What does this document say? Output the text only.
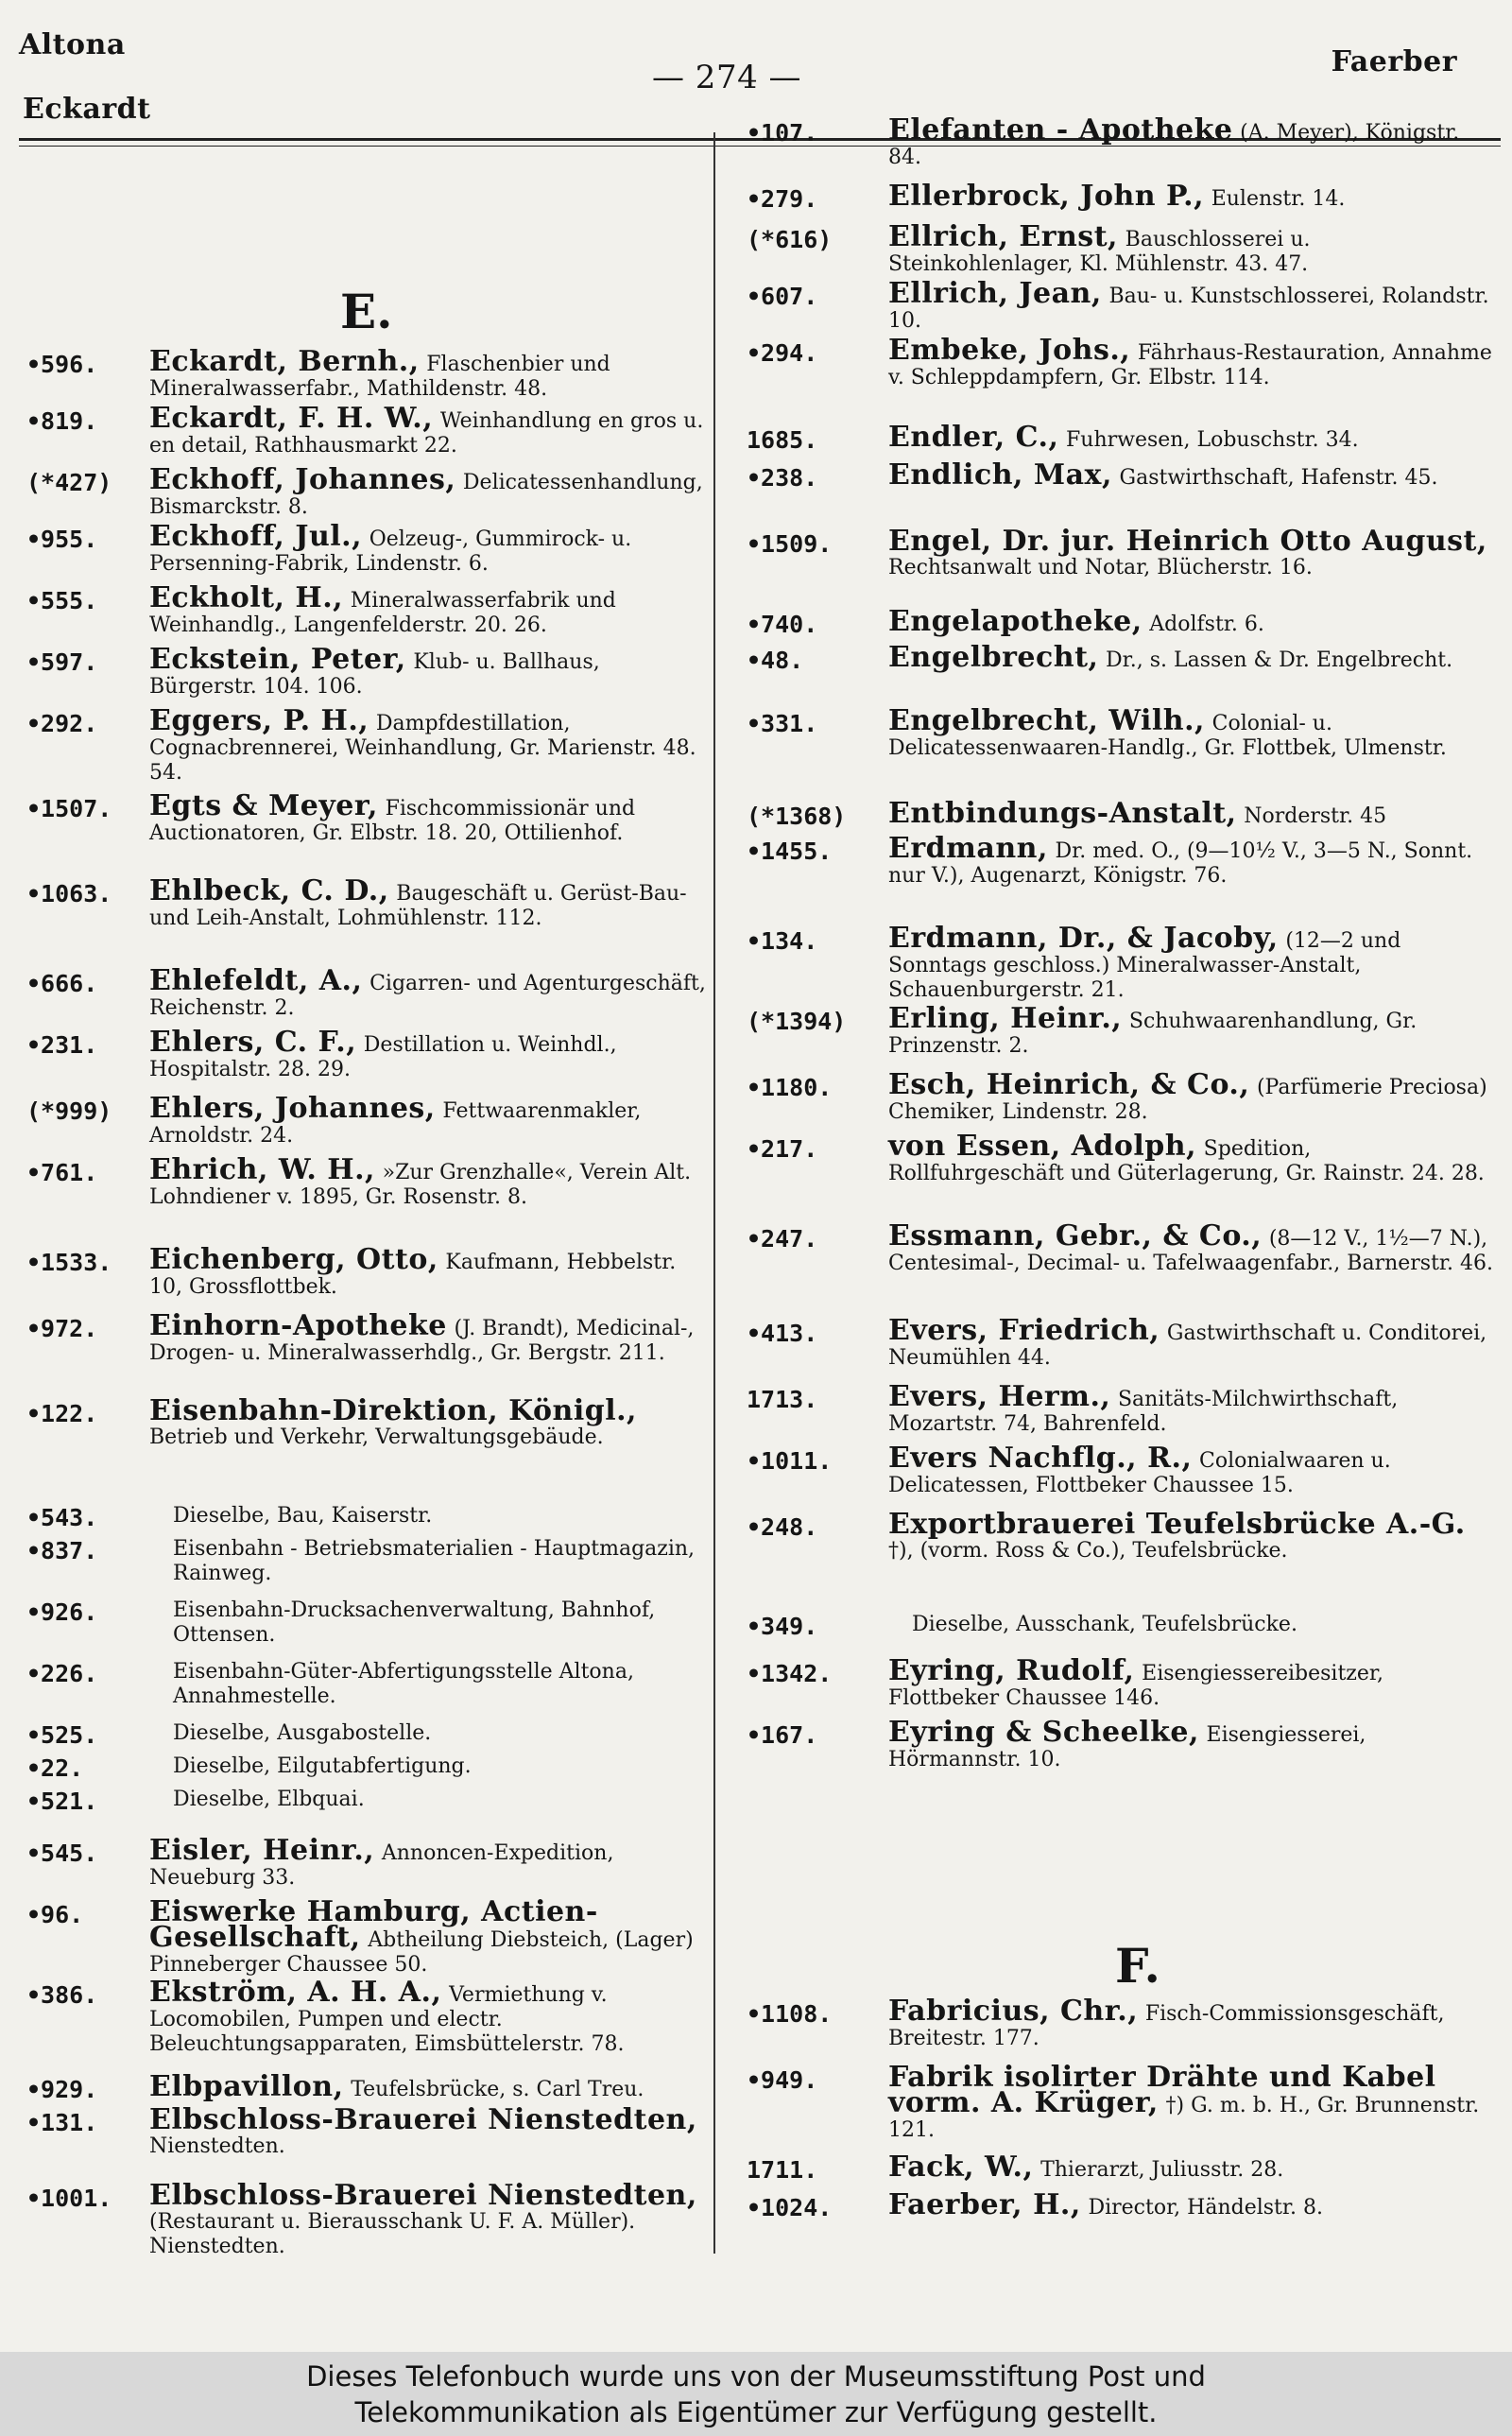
Altona
Eckardt
— 274 —	Faerber
E.
•596. Eckardt, Bernh., Flaschenbier und Mineralwasserfabr., Mathildenstr. 48.
•819. Eckardt, F. H. W., Weinhandlung en gros u. en detail, Rathhausmarkt 22.
(*427) Eckhoff, Johannes, Delicatessenhandlung, Bismarckstr. 8.
•955. Eckhoff, Jul., Oelzeug-, Gummirock- u. Persenning-Fabrik, Lindenstr. 6.
•555. Eckholt, H., Mineralwasserfabrik und Weinhandlg., Langenfelderstr. 20. 26.
•597. Eckstein, Peter, Klub- u. Ballhaus, Bürgerstr. 104. 106.
•292. Eggers, P. H., Dampfdestillation, Cognacbrennerei, Weinhandlung, Gr. Marienstr. 48. 54.
•1507. Egts & Meyer, Fischcommissionär und Auctionatoren, Gr. Elbstr. 18. 20, Ottilienhof.
•1063. Ehlbeck, C. D., Baugeschäft u. Gerüst-Bau- und Leih-Anstalt, Lohmühlenstr. 112.
•666. Ehlefeldt, A., Cigarren- und Agenturgeschäft, Reichenstr. 2.
•231. Ehlers, C. F., Destillation u. Weinhdl., Hospitalstr. 28. 29.
(*999) Ehlers, Johannes, Fettwaarenmakler, Arnoldstr. 24.
•761. Ehrich, W. H., »Zur Grenzhalle«, Verein Alt. Lohndiener v. 1895, Gr. Rosenstr. 8.
•1533. Eichenberg, Otto, Kaufmann, Hebbelstr. 10, Grossflottbek.
•972. Einhorn-Apotheke (J. Brandt), Medicinal-, Drogen- u. Mineralwasserhdlg., Gr. Bergstr. 211.
•122. Eisenbahn-Direktion, Königl., Betrieb und Verkehr, Verwaltungsgebäude.
•543.	Dieselbe, Bau, Kaiserstr.
•837.	Eisenbahn - Betriebsmaterialien - Hauptmagazin, Rainweg.
•926.	Eisenbahn-Drucksachenverwaltung, Bahnhof, Ottensen.
•226.	Eisenbahn-Güter-Abfertigungsstelle Altona, Annahmestelle.
•525.	Dieselbe, Ausgabostelle.
•22.	Dieselbe, Eilgutabfertigung.
•521.	Dieselbe, Elbquai.
•545. Eisler, Heinr., Annoncen-Expedition, Neueburg 33.
•96. Eiswerke Hamburg, Actien-Gesellschaft, Abtheilung Diebsteich, (Lager) Pinneberger Chaussee 50.
•386. Ekström, A. H. A., Vermiethung v. Locomobilen, Pumpen und electr. Beleuchtungsapparaten, Eimsbüttelerstr. 78.
•929. Elbpavillon, Teufelsbrücke, s. Carl Treu.
•131. Elbschloss-Brauerei Nienstedten, Nienstedten.
•1001. Elbschloss-Brauerei Nienstedten, (Restaurant u. Bierausschank U. F. A. Müller). Nienstedten.
•107. Elefanten - Apotheke (A. Meyer), Königstr. 84.
•279. Ellerbrock, John P., Eulenstr. 14.
(*616) Ellrich, Ernst, Bauschlosserei u. Steinkohlenlager, Kl. Mühlenstr. 43. 47.
•607. Ellrich, Jean, Bau- u. Kunstschlosserei, Rolandstr. 10.
•294. Embeke, Johs., Fährhaus-Restauration, Annahme v. Schleppdampfern, Gr. Elbstr. 114.
1685. Endler, C., Fuhrwesen, Lobuschstr. 34.
•238. Endlich, Max, Gastwirthschaft, Hafenstr. 45.
•1509. Engel, Dr. jur. Heinrich Otto August, Rechtsanwalt und Notar, Blücherstr. 16.
•740. Engelapotheke, Adolfstr. 6.
•48.	Engelbrecht, Dr., s. Lassen & Dr. Engelbrecht.
•331. Engelbrecht, Wilh., Colonial- u. Delicatessenwaaren-Handlg., Gr. Flottbek, Ulmenstr.
(*1368) Entbindungs-Anstalt, Norderstr. 45
•1455. Erdmann, Dr. med. O., (9—10½ V., 3—5 N., Sonnt. nur V.), Augenarzt, Königstr. 76.
•134. Erdmann, Dr., & Jacoby, (12—2 und Sonntags geschloss.) Mineralwasser-Anstalt, Schauenburgerstr. 21.
(*1394) Erling, Heinr., Schuhwaarenhandlung, Gr. Prinzenstr. 2.
•1180. Esch, Heinrich, & Co., (Parfümerie Preciosa) Chemiker, Lindenstr. 28.
•217. von Essen, Adolph, Spedition, Rollfuhrgeschäft und Güterlagerung, Gr. Rainstr. 24. 28.
•247. Essmann, Gebr., & Co., (8—12 V., 1½—7 N.), Centesimal-, Decimal- u. Tafelwaagenfabr., Barnerstr. 46.
•413. Evers, Friedrich, Gastwirthschaft u. Conditorei, Neumühlen 44.
1713. Evers, Herm., Sanitäts-Milchwirthschaft, Mozartstr. 74, Bahrenfeld.
•1011. Evers Nachflg., R., Colonialwaaren u. Delicatessen, Flottbeker Chaussee 15.
•248. Exportbrauerei Teufelsbrücke A.-G. †), (vorm. Ross & Co.), Teufelsbrücke.
•349.	Dieselbe, Ausschank, Teufelsbrücke.
•1342. Eyring, Rudolf, Eisengiessereibesitzer, Flottbeker Chaussee 146.
•167. Eyring & Scheelke, Eisengiesserei, Hörmannstr. 10.
F.
•1108. Fabricius, Chr., Fisch-Commissionsgeschäft, Breitestr. 177.
•949. Fabrik isolirter Drähte und Kabel vorm. A. Krüger, †) G. m. b. H., Gr. Brunnenstr. 121.
1711. Fack, W., Thierarzt, Juliusstr. 28.
•1024. Faerber, H., Director, Händelstr. 8.
Dieses Telefonbuch wurde uns von der Museumsstiftung Post und
Telekommunikation als Eigentümer zur Verfügung gestellt.
